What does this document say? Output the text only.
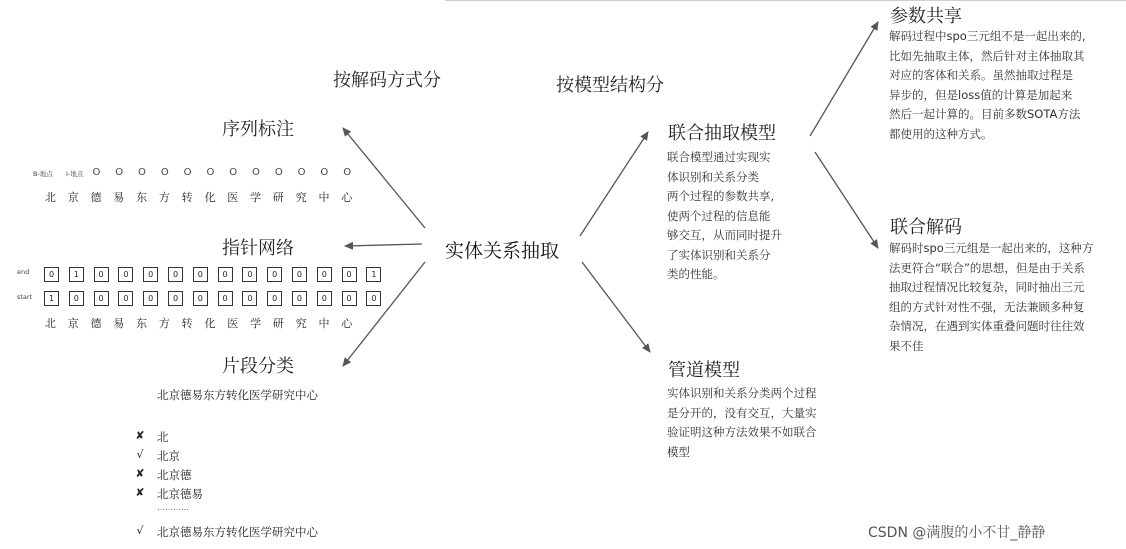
按解码方式分	按模型结构分
实体关系抽取
序列标注
B-地点 I-地点 O	O	O	O	O	O	O	O	O	O	O	O
北	京	德	易	东	方	转	化	医	学	研	究	中	心
指针网络
end	0	1	0	0	0	0	0	0	0	0	0	0	0	1
start	1	0	0	0	0	0	0	0	0	0	0	0	0	0
北	京	德	易	东	方	转	化	医	学	研	究	中	心
片段分类
北京德易东方转化医学研究中心
✘ 北
√	北京
✘ 北京德
✘ 北京德易
…………
√	北京德易东方转化医学研究中心
联合抽取模型
联合模型通过实现实
体识别和关系分类
两个过程的参数共享,
使两个过程的信息能
够交互，从而同时提升
了实体识别和关系分
类的性能。
管道模型
实体识别和关系分类两个过程
是分开的，没有交互，大量实
验证明这种方法效果不如联合
模型
参数共享
解码过程中spo三元组不是一起出来的,
比如先抽取主体，然后针对主体抽取其
对应的客体和关系。虽然抽取过程是
异步的，但是loss值的计算是加起来
然后一起计算的。目前多数SOTA方法
都使用的这种方式。
联合解码
解码时spo三元组是一起出来的，这种方
法更符合“联合”的思想，但是由于关系
抽取过程情况比较复杂，同时抽出三元
组的方式针对性不强，无法兼顾多种复
杂情况，在遇到实体重叠问题时往往效
果不佳
CSDN @满腹的小不甘_静静
